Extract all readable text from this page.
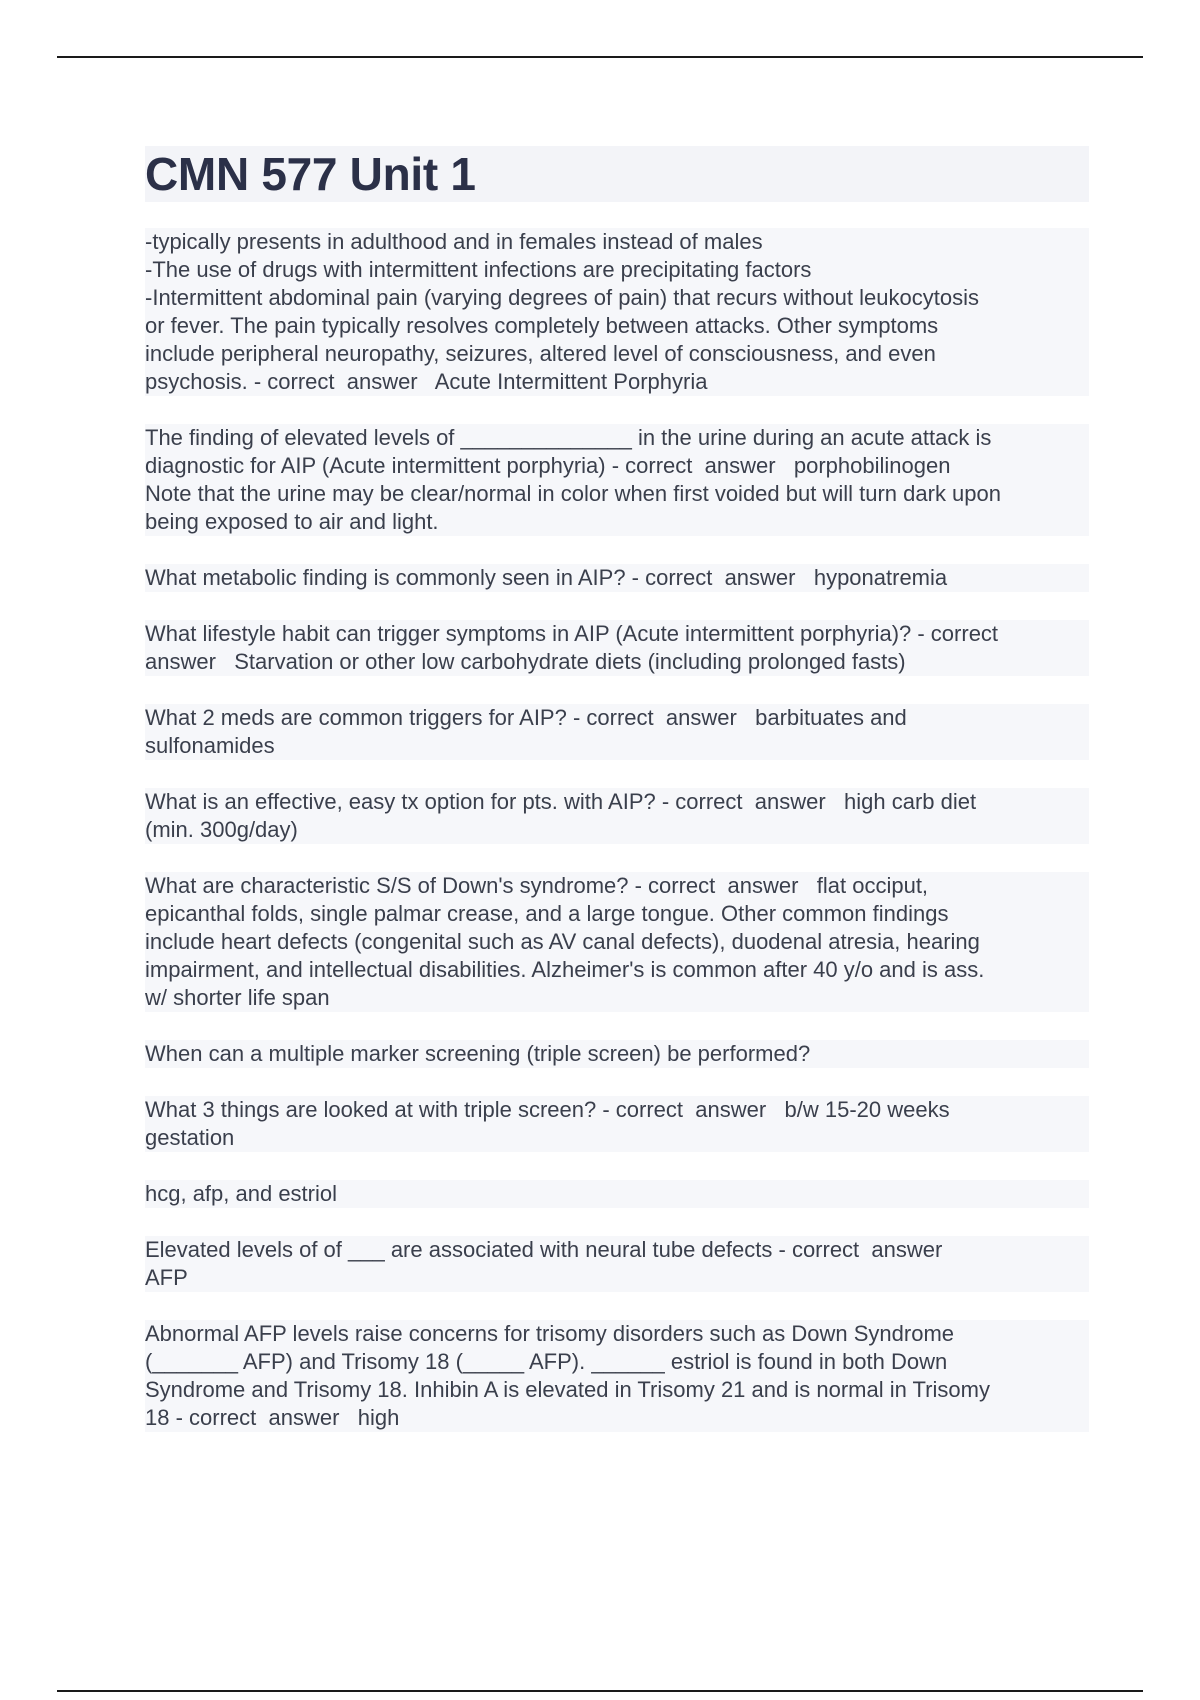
CMN 577 Unit 1
-typically presents in adulthood and in females instead of males
-The use of drugs with intermittent infections are precipitating factors
-Intermittent abdominal pain (varying degrees of pain) that recurs without leukocytosis
or fever. The pain typically resolves completely between attacks. Other symptoms
include peripheral neuropathy, seizures, altered level of consciousness, and even
psychosis. - correct  answer   Acute Intermittent Porphyria
The finding of elevated levels of ______________ in the urine during an acute attack is
diagnostic for AIP (Acute intermittent porphyria) - correct  answer   porphobilinogen
Note that the urine may be clear/normal in color when first voided but will turn dark upon
being exposed to air and light.
What metabolic finding is commonly seen in AIP? - correct  answer   hyponatremia
What lifestyle habit can trigger symptoms in AIP (Acute intermittent porphyria)? - correct
answer   Starvation or other low carbohydrate diets (including prolonged fasts)
What 2 meds are common triggers for AIP? - correct  answer   barbituates and
sulfonamides
What is an effective, easy tx option for pts. with AIP? - correct  answer   high carb diet
(min. 300g/day)
What are characteristic S/S of Down's syndrome? - correct  answer   flat occiput,
epicanthal folds, single palmar crease, and a large tongue. Other common findings
include heart defects (congenital such as AV canal defects), duodenal atresia, hearing
impairment, and intellectual disabilities. Alzheimer's is common after 40 y/o and is ass.
w/ shorter life span
When can a multiple marker screening (triple screen) be performed?
What 3 things are looked at with triple screen? - correct  answer   b/w 15-20 weeks
gestation
hcg, afp, and estriol
Elevated levels of of ___ are associated with neural tube defects - correct  answer
AFP
Abnormal AFP levels raise concerns for trisomy disorders such as Down Syndrome
(_______ AFP) and Trisomy 18 (_____ AFP). ______ estriol is found in both Down
Syndrome and Trisomy 18. Inhibin A is elevated in Trisomy 21 and is normal in Trisomy
18 - correct  answer   high
